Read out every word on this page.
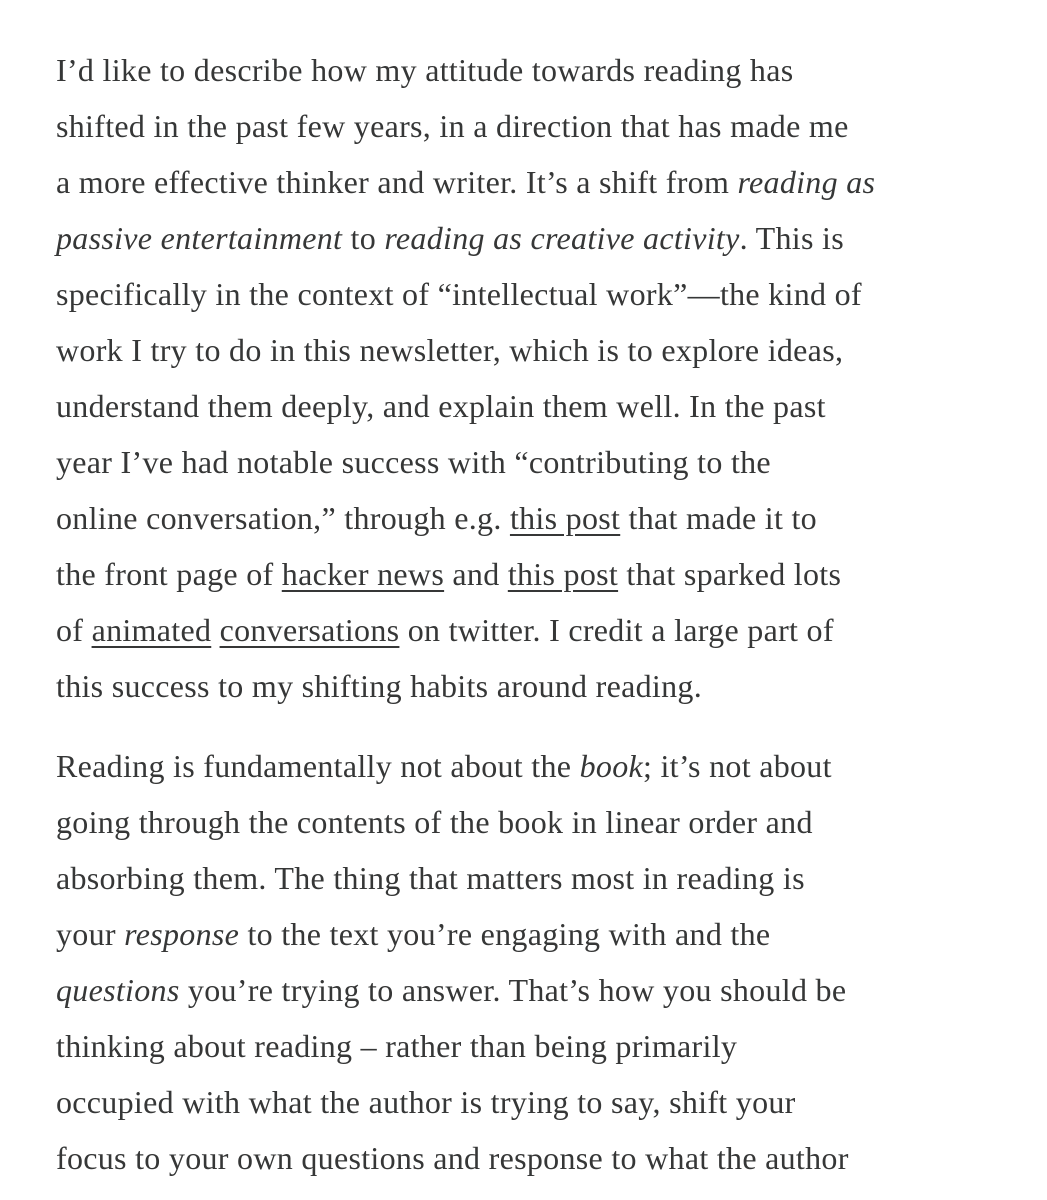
I’d like to describe how my attitude towards reading has
shifted in the past few years, in a direction that has made me
a more effective thinker and writer. It’s a shift from reading as
passive entertainment to reading as creative activity. This is
specifically in the context of “intellectual work”—the kind of
work I try to do in this newsletter, which is to explore ideas,
understand them deeply, and explain them well. In the past
year I’ve had notable success with “contributing to the
online conversation,” through e.g. this post that made it to
the front page of hacker news and this post that sparked lots
of animated conversations on twitter. I credit a large part of
this success to my shifting habits around reading.

Reading is fundamentally not about the book; it’s not about
going through the contents of the book in linear order and
absorbing them. The thing that matters most in reading is
your response to the text you’re engaging with and the
questions you’re trying to answer. That’s how you should be
thinking about reading – rather than being primarily
occupied with what the author is trying to say, shift your
focus to your own questions and response to what the author
